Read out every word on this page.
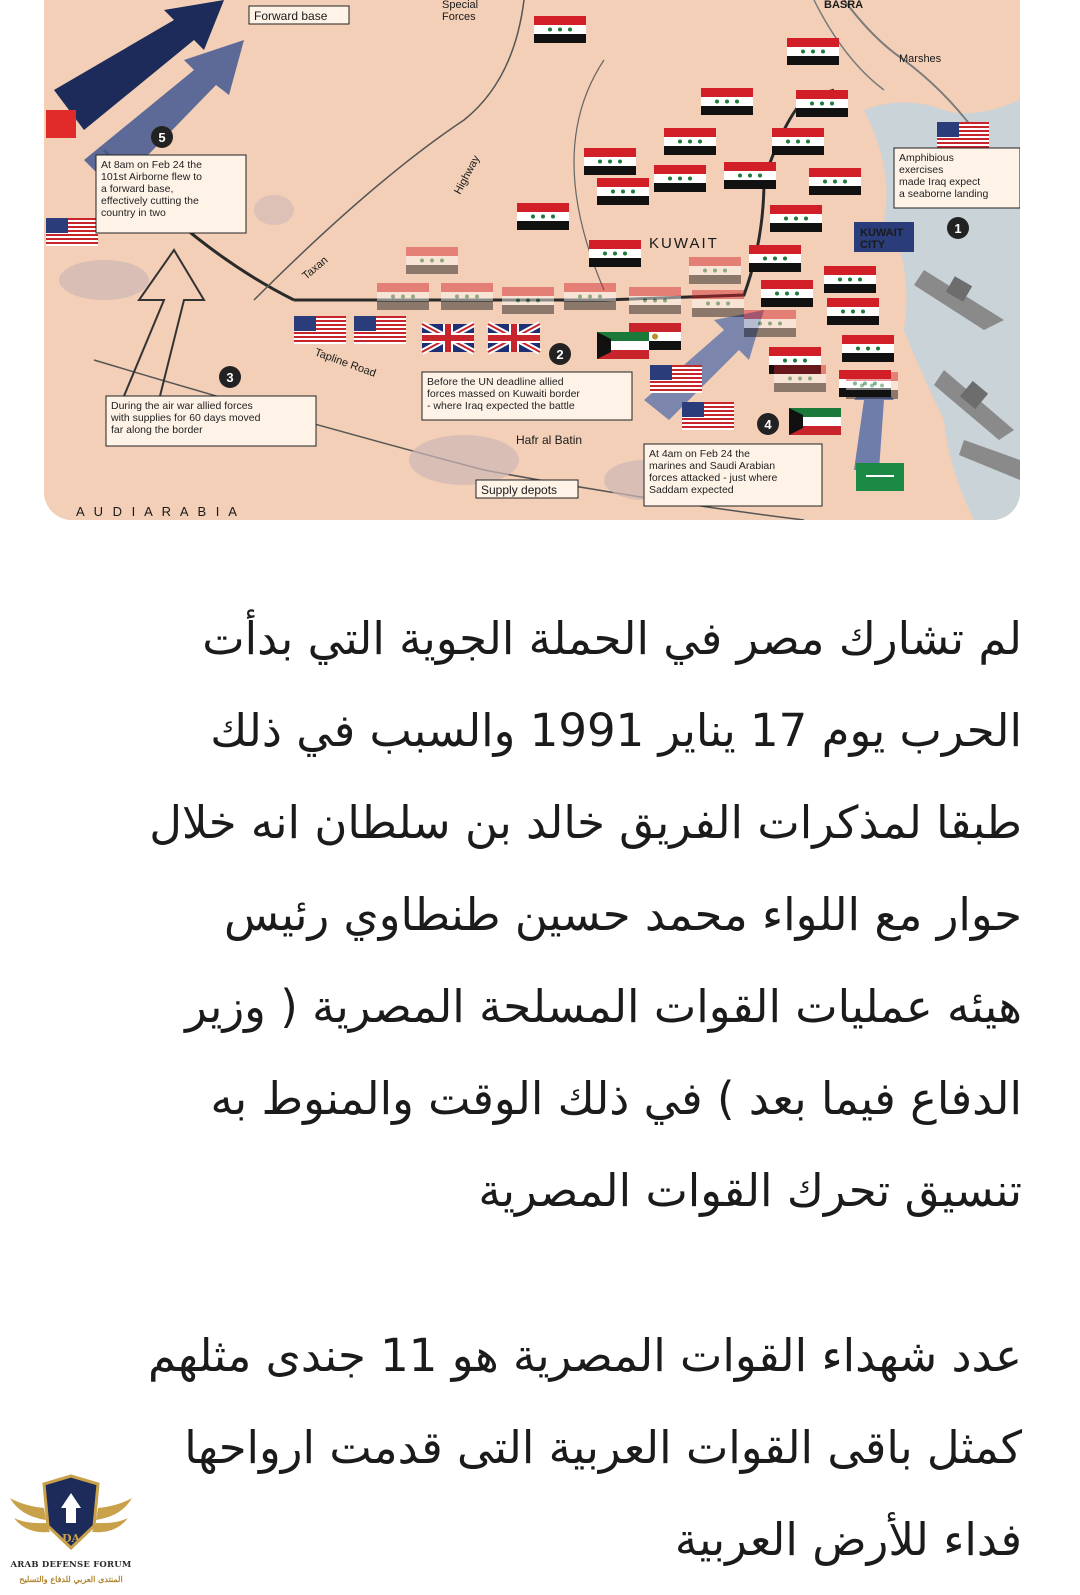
Forward base
Special Forces
BASRA
Marshes
Highway
Taxan
Tapline Road
KUWAIT
KUWAIT CITY
Hafr al Batin
Supply depots
A U D I A R A B I A
At 8am on Feb 24 the 101st Airborne flew to a forward base, effectively cutting the country in two
Amphibious exercises made Iraq expect a seaborne landing
Before the UN deadline allied forces massed on Kuwaiti border - where Iraq expected the battle
During the air war allied forces with supplies for 60 days moved far along the border
At 4am on Feb 24 the marines and Saudi Arabian forces attacked - just where Saddam expected
1
2
3
4
5

لم تشارك مصر في الحملة الجوية التي بدأت
الحرب يوم 17 يناير 1991 والسبب في ذلك
طبقا لمذكرات الفريق خالد بن سلطان انه خلال
حوار مع اللواء محمد حسين طنطاوي رئيس
هيئه عمليات القوات المسلحة المصرية ( وزير
الدفاع فيما بعد ) في ذلك الوقت والمنوط به
تنسيق تحرك القوات المصرية

عدد شهداء القوات المصرية هو 11 جندى مثلهم
كمثل باقى القوات العربية التى قدمت ارواحها
فداء للأرض العربية

DA
ARAB DEFENSE FORUM
المنتدى العربي للدفاع والتسليح
